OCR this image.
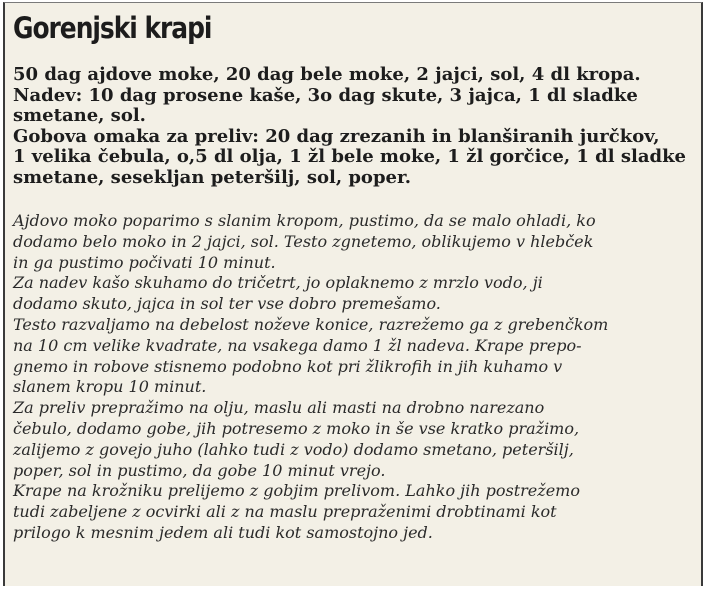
Gorenjski krapi
50 dag ajdove moke, 20 dag bele moke, 2 jajci, sol, 4 dl kropa.
Nadev: 10 dag prosene kaše, 3o dag skute, 3 jajca, 1 dl sladke
smetane, sol.
Gobova omaka za preliv: 20 dag zrezanih in blanširanih jurčkov,
1 velika čebula, o,5 dl olja, 1 žl bele moke, 1 žl gorčice, 1 dl sladke
smetane, sesekljan peteršilj, sol, poper.
Ajdovo moko poparimo s slanim kropom, pustimo, da se malo ohladi, ko
dodamo belo moko in 2 jajci, sol. Testo zgnetemo, oblikujemo v hlebček
in ga pustimo počivati 10 minut.
Za nadev kašo skuhamo do tričetrt, jo oplaknemo z mrzlo vodo, ji
dodamo skuto, jajca in sol ter vse dobro premešamo.
Testo razvaljamo na debelost noževe konice, razrežemo ga z grebenčkom
na 10 cm velike kvadrate, na vsakega damo 1 žl nadeva. Krape prepo-
gnemo in robove stisnemo podobno kot pri žlikrofih in jih kuhamo v
slanem kropu 10 minut.
Za preliv prepražimo na olju, maslu ali masti na drobno narezano
čebulo, dodamo gobe, jih potresemo z moko in še vse kratko pražimo,
zalijemo z govejo juho (lahko tudi z vodo) dodamo smetano, peteršilj,
poper, sol in pustimo, da gobe 10 minut vrejo.
Krape na krožniku prelijemo z gobjim prelivom. Lahko jih postrežemo
tudi zabeljene z ocvirki ali z na maslu prepraženimi drobtinami kot
prilogo k mesnim jedem ali tudi kot samostojno jed.
